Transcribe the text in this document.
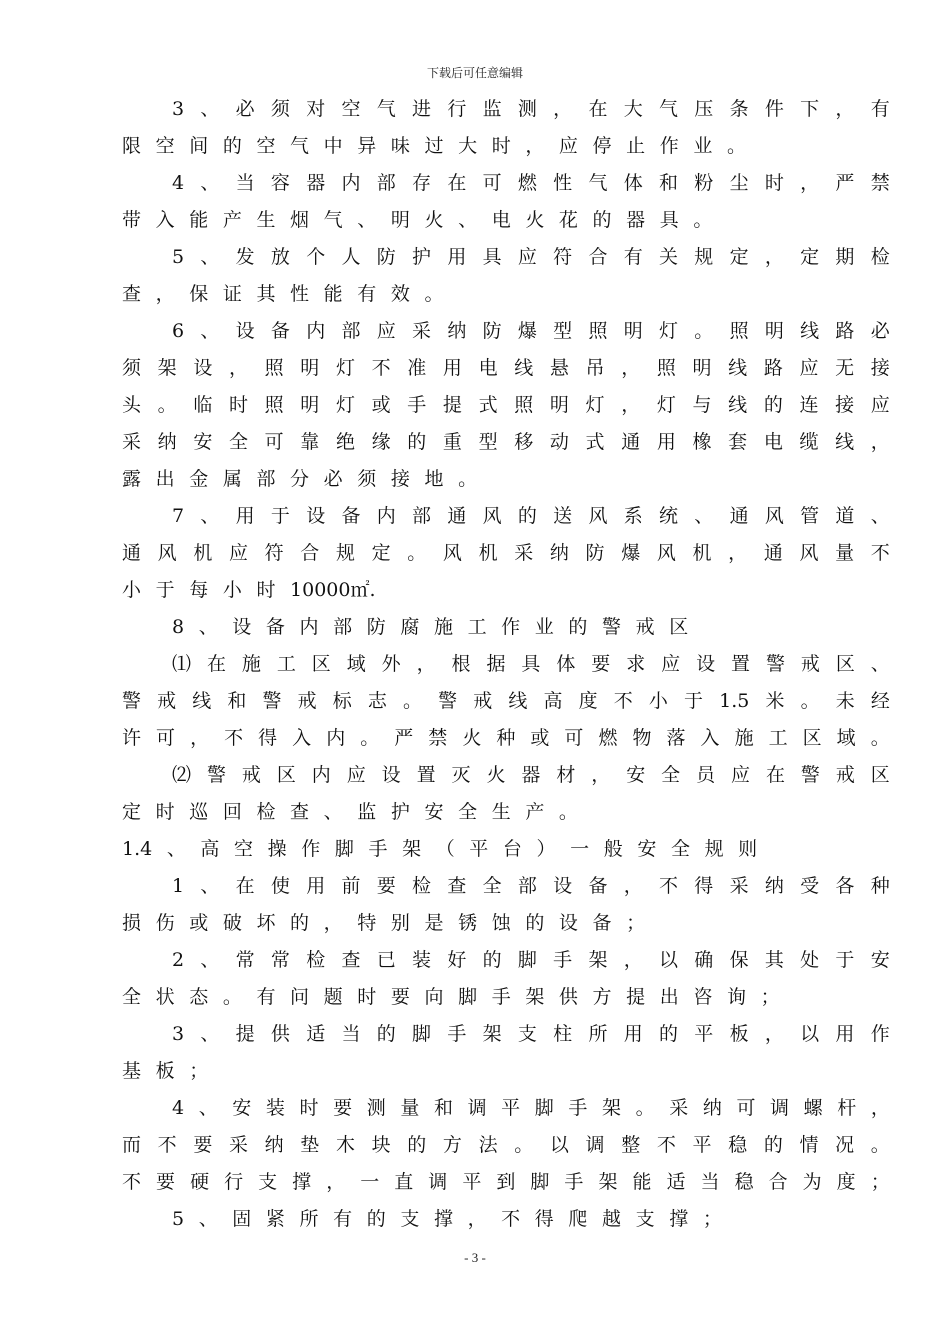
下载后可任意编辑
3 、 必 须 对 空 气 进 行 监 测 ， 在 大 气 压 条 件 下 ， 有
限 空 间 的 空 气 中 异 味 过 大 时 ， 应 停 止 作 业 。
4 、 当 容 器 内 部 存 在 可 燃 性 气 体 和 粉 尘 时 ， 严 禁
带 入 能 产 生 烟 气 、 明 火 、 电 火 花 的 器 具 。
5 、 发 放 个 人 防 护 用 具 应 符 合 有 关 规 定 ， 定 期 检
查 ， 保 证 其 性 能 有 效 。
6 、 设 备 内 部 应 采 纳 防 爆 型 照 明 灯 。 照 明 线 路 必
须 架 设 ， 照 明 灯 不 准 用 电 线 悬 吊 ， 照 明 线 路 应 无 接
头 。 临 时 照 明 灯 或 手 提 式 照 明 灯 ， 灯 与 线 的 连 接 应
采 纳 安 全 可 靠 绝 缘 的 重 型 移 动 式 通 用 橡 套 电 缆 线 ，
露 出 金 属 部 分 必 须 接 地 。
7 、 用 于 设 备 内 部 通 风 的 送 风 系 统 、 通 风 管 道 、
通 风 机 应 符 合 规 定 。 风 机 采 纳 防 爆 风 机 ， 通 风 量 不
小 于 每 小 时 10000㎡.
8 、 设 备 内 部 防 腐 施 工 作 业 的 警 戒 区
⑴ 在 施 工 区 域 外 ， 根 据 具 体 要 求 应 设 置 警 戒 区 、
警 戒 线 和 警 戒 标 志 。 警 戒 线 高 度 不 小 于 1.5 米 。 未 经
许 可 ， 不 得 入 内 。 严 禁 火 种 或 可 燃 物 落 入 施 工 区 域 。
⑵ 警 戒 区 内 应 设 置 灭 火 器 材 ， 安 全 员 应 在 警 戒 区
定 时 巡 回 检 查 、 监 护 安 全 生 产 。
1.4 、 高 空 操 作 脚 手 架 （ 平 台 ） 一 般 安 全 规 则
1 、 在 使 用 前 要 检 查 全 部 设 备 ， 不 得 采 纳 受 各 种
损 伤 或 破 坏 的 ， 特 别 是 锈 蚀 的 设 备 ；
2 、 常 常 检 查 已 装 好 的 脚 手 架 ， 以 确 保 其 处 于 安
全 状 态 。 有 问 题 时 要 向 脚 手 架 供 方 提 出 咨 询 ；
3 、 提 供 适 当 的 脚 手 架 支 柱 所 用 的 平 板 ， 以 用 作
基 板 ；
4 、 安 装 时 要 测 量 和 调 平 脚 手 架 。 采 纳 可 调 螺 杆 ，
而 不 要 采 纳 垫 木 块 的 方 法 。 以 调 整 不 平 稳 的 情 况 。
不 要 硬 行 支 撑 ， 一 直 调 平 到 脚 手 架 能 适 当 稳 合 为 度 ；
5 、 固 紧 所 有 的 支 撑 ， 不 得 爬 越 支 撑 ；
- 3 -
